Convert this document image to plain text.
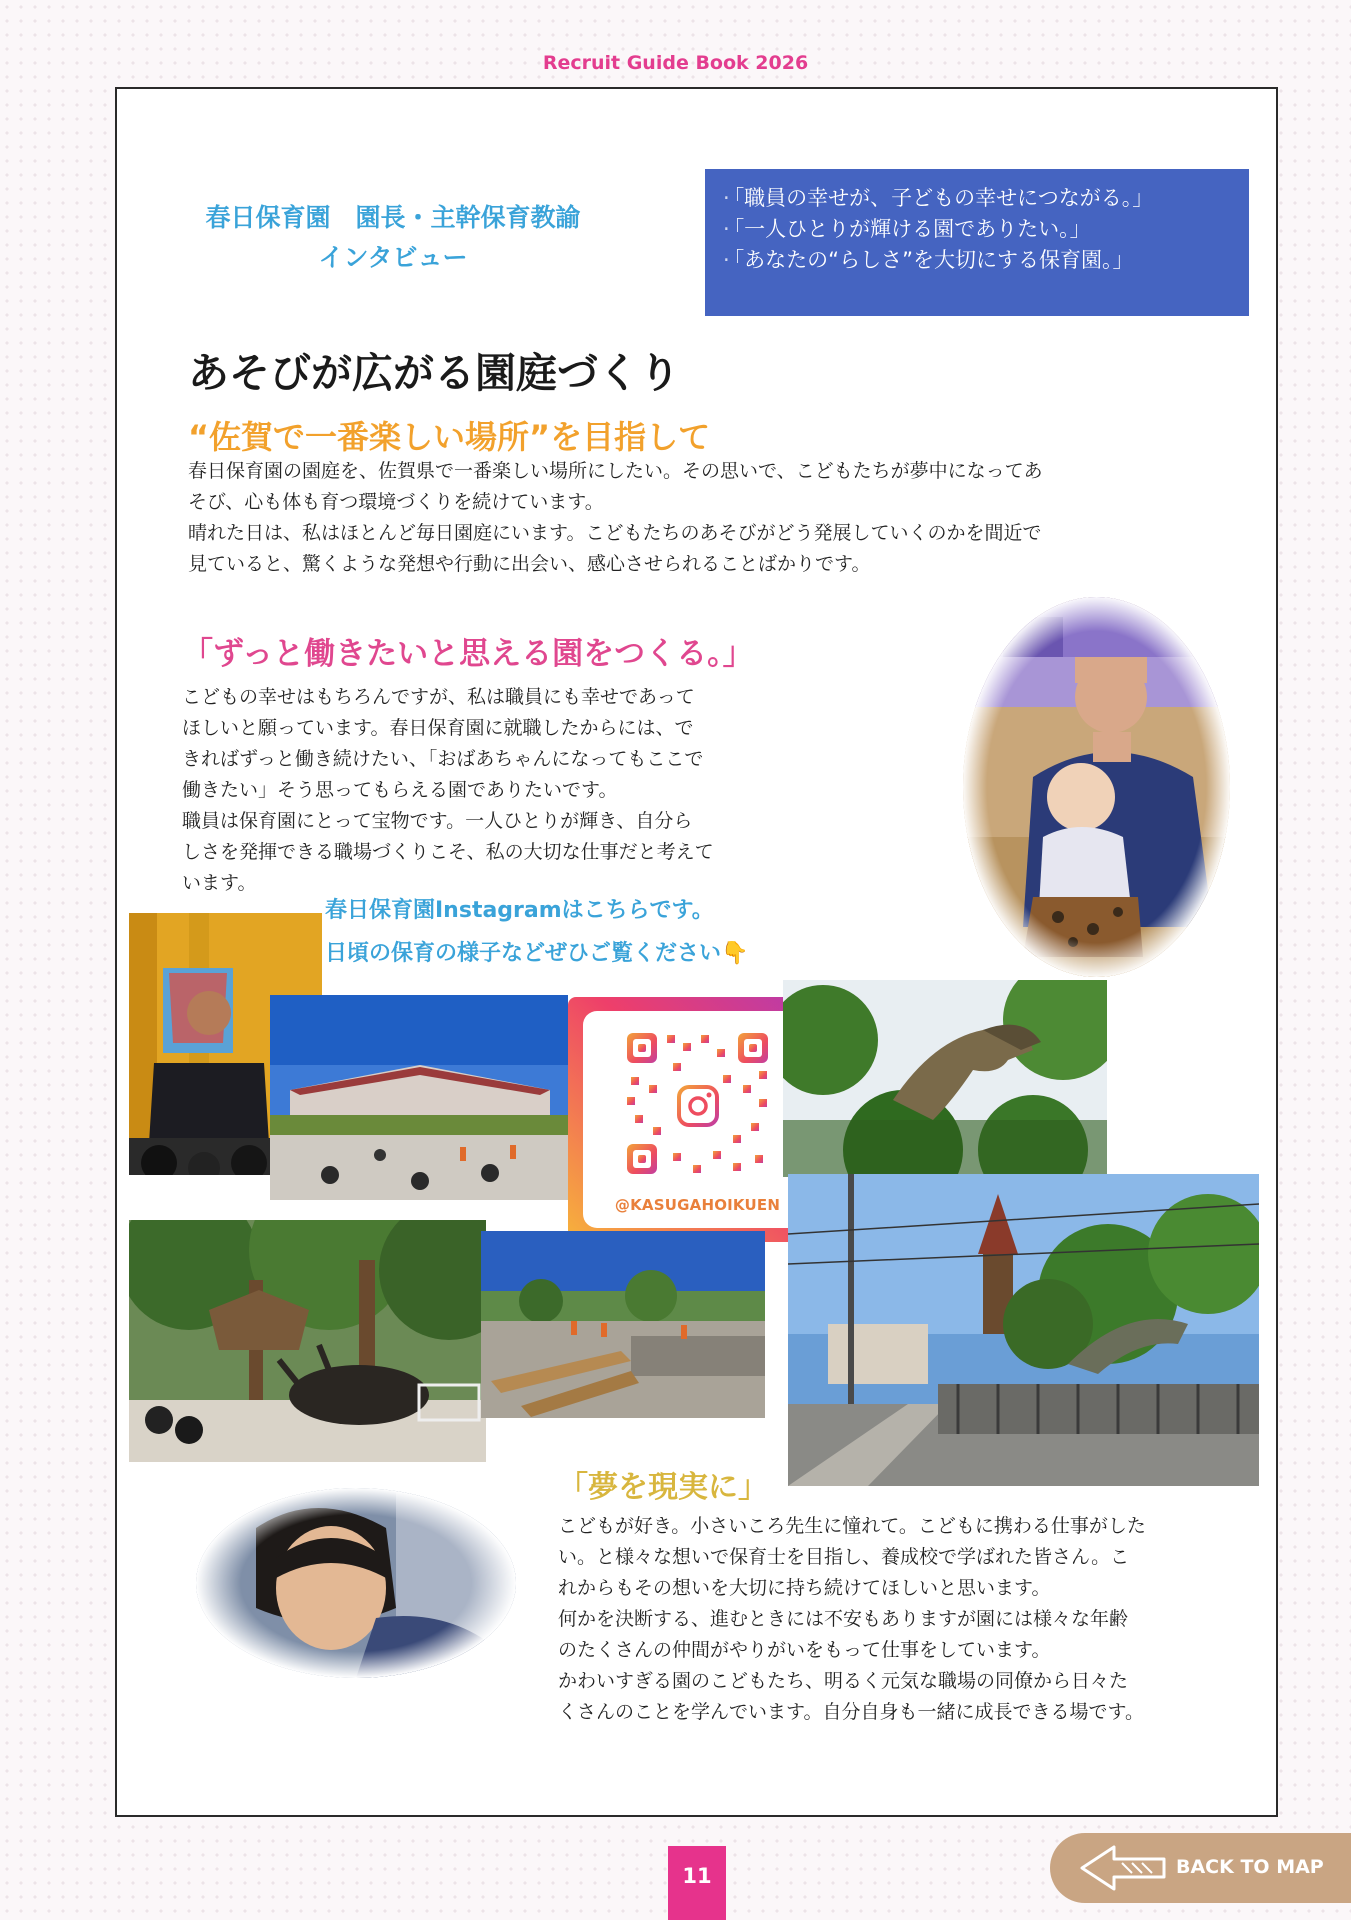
Recruit Guide Book 2026
春日保育園　園長・主幹保育教諭
インタビュー
· 「職員の幸せが、子どもの幸せにつながる。」
· 「一人ひとりが輝ける園でありたい。」
· 「あなたの“らしさ”を大切にする保育園。」
あそびが広がる園庭づくり
“佐賀で一番楽しい場所”を目指して

春日保育園の園庭を、佐賀県で一番楽しい場所にしたい。その思いで、こどもたちが夢中になってあ

そび、心も体も育つ環境づくりを続けています。

晴れた日は、私はほとんど毎日園庭にいます。こどもたちのあそびがどう発展していくのかを間近で

見ていると、驚くような発想や行動に出会い、感心させられることばかりです。

「ずっと働きたいと思える園をつくる。」

こどもの幸せはもちろんですが、私は職員にも幸せであって

ほしいと願っています。春日保育園に就職したからには、で

きればずっと働き続けたい、「おばあちゃんになってもここで

働きたい」そう思ってもらえる園でありたいです。

職員は保育園にとって宝物です。一人ひとりが輝き、自分ら

しさを発揮できる職場づくりこそ、私の大切な仕事だと考えて

います。

春日保育園Instagramはこちらです。
日頃の保育の様子などぜひご覧ください👇
@KASUGAHOIKUEN
「夢を現実に」

こどもが好き。小さいころ先生に憧れて。こどもに携わる仕事がした

い。と様々な想いで保育士を目指し、養成校で学ばれた皆さん。こ

れからもその想いを大切に持ち続けてほしいと思います。

何かを決断する、進むときには不安もありますが園には様々な年齢

のたくさんの仲間がやりがいをもって仕事をしています。

かわいすぎる園のこどもたち、明るく元気な職場の同僚から日々た

くさんのことを学んでいます。自分自身も一緒に成長できる場です。

11	BACK TO MAP
